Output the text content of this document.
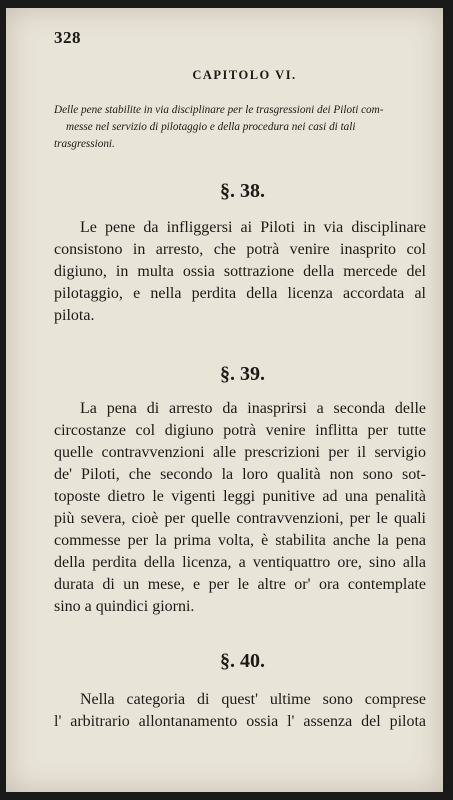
328
CAPITOLO VI.
Delle pene stabilite in via disciplinare per le trasgressioni dei Piloti com-
messe nel servizio di pilotaggio e della procedura nei casi di tali
trasgressioni.
§. 38.
Le pene da infliggersi ai Piloti in via disciplinare
consistono in arresto, che potrà venire inasprito col
digiuno, in multa ossia sottrazione della mercede del
pilotaggio, e nella perdita della licenza accordata al
pilota.
§. 39.
La pena di arresto da inasprirsi a seconda delle
circostanze col digiuno potrà venire inflitta per tutte
quelle contravvenzioni alle prescrizioni per il servigio
de' Piloti, che secondo la loro qualità non sono sot-
toposte dietro le vigenti leggi punitive ad una penalità
più severa, cioè per quelle contravvenzioni, per le quali
commesse per la prima volta, è stabilita anche la pena
della perdita della licenza, a ventiquattro ore, sino alla
durata di un mese, e per le altre or' ora contemplate
sino a quindici giorni.
§. 40.
Nella categoria di quest' ultime sono comprese
l' arbitrario allontanamento ossia l' assenza del pilota
